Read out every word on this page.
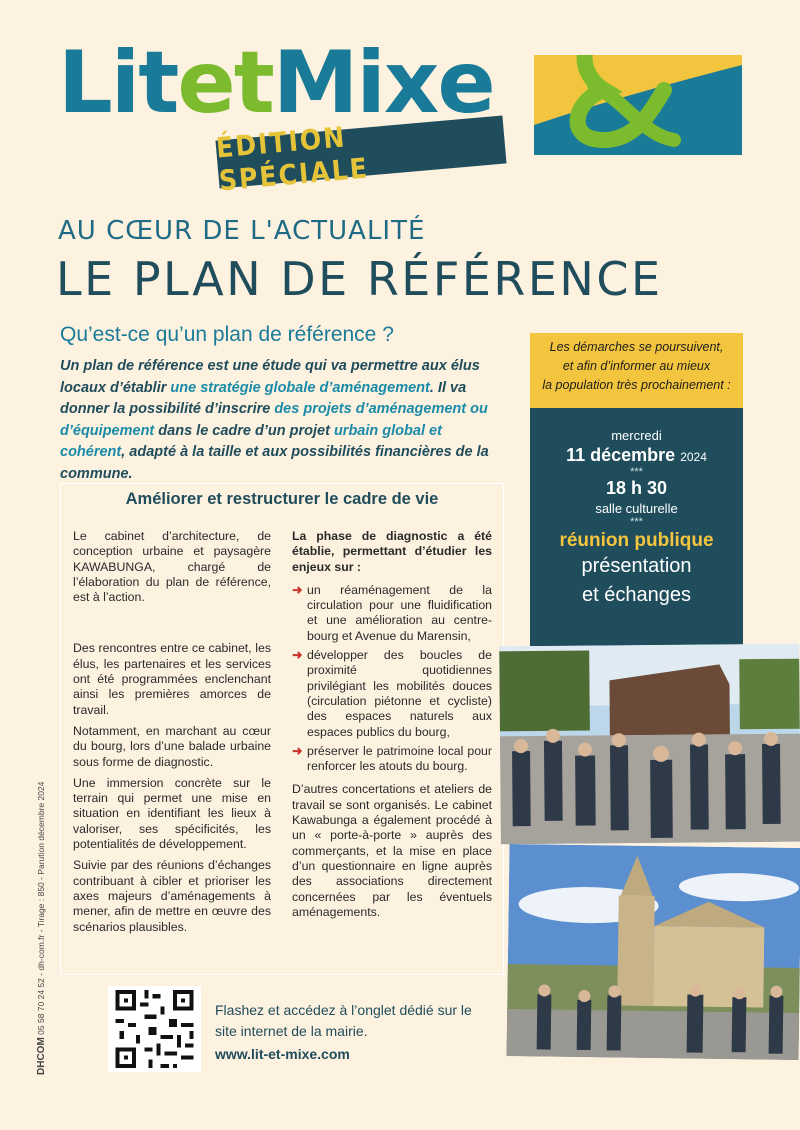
LitetMixe
ÉDITION SPÉCIALE
AU CŒUR DE L'ACTUALITÉ
LE PLAN DE RÉFÉRENCE
Qu’est-ce qu’un plan de référence ?
Un plan de référence est une étude qui va permettre aux élus locaux d’établir une stratégie globale d’aménagement. Il va donner la possibilité d’inscrire des projets d’aménagement ou d’équipement dans le cadre d’un projet urbain global et cohérent, adapté à la taille et aux possibilités financières de la commune.
Les démarches se poursuivent,
et afin d’informer au mieux
la population très prochainement :
mercredi
11 décembre 2024
***
18 h 30
salle culturelle
***
réunion publique
présentation
et échanges
Améliorer et restructurer le cadre de vie

Le cabinet d’architecture, de conception urbaine et paysagère KAWABUNGA, chargé de l’élaboration du plan de référence, est à l’action.

Des rencontres entre ce cabinet, les élus, les partenaires et les services ont été programmées enclenchant ainsi les premières amorces de travail.

Notamment, en marchant au cœur du bourg, lors d’une balade urbaine sous forme de diagnostic.

Une immersion concrète sur le terrain qui permet une mise en situation en identifiant les lieux à valoriser, ses spécificités, les potentialités de développement.

Suivie par des réunions d’échanges contribuant à cibler et prioriser les axes majeurs d’aménagements à mener, afin de mettre en œuvre des scénarios plausibles.

La phase de diagnostic a été établie, permettant d’étudier les enjeux sur :

➜ un réaménagement de la circulation pour une fluidification et une amélioration au centre-bourg et Avenue du Marensin,
➜ développer des boucles de proximité quotidiennes privilégiant les mobilités douces (circulation piétonne et cycliste) des espaces naturels aux espaces publics du bourg,
➜ préserver le patrimoine local pour renforcer les atouts du bourg.

D’autres concertations et ateliers de travail se sont organisés. Le cabinet Kawabunga a également procédé à un « porte-à-porte » auprès des commerçants, et la mise en place d’un questionnaire en ligne auprès des associations directement concernées par les éventuels aménagements.

Flashez et accédez à l’onglet dédié sur le site internet de la mairie.
www.lit-et-mixe.com
DHCOM 05 58 70 24 52 - dh-com.fr - Tirage : 850 - Parution décembre 2024
